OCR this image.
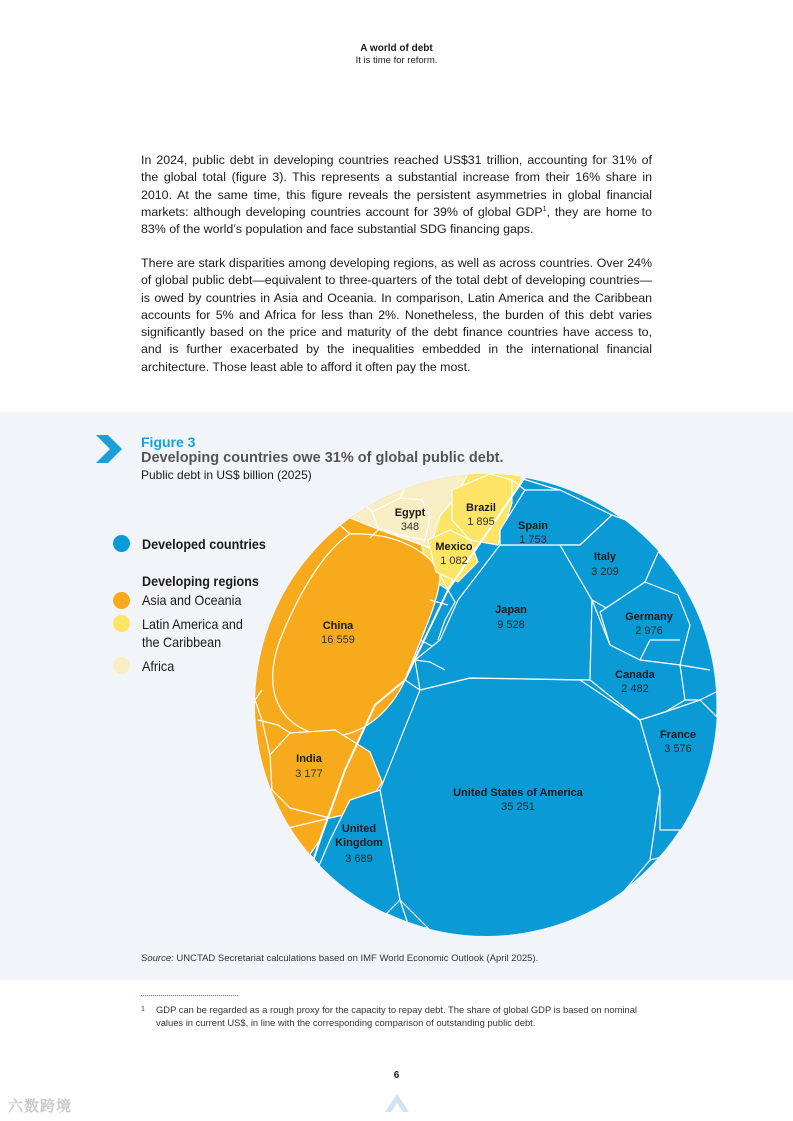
A world of debt
It is time for reform.

In 2024, public debt in developing countries reached US$31 trillion, accounting for 31% of the global total (figure 3). This represents a substantial increase from their 16% share in 2010. At the same time, this figure reveals the persistent asymmetries in global financial markets: although developing countries account for 39% of global GDP$^1$, they are home to 83% of the world’s population and face substantial SDG financing gaps.

There are stark disparities among developing regions, as well as across countries. Over 24% of global public debt—equivalent to three-quarters of the total debt of developing countries—is owed by countries in Asia and Oceania. In comparison, Latin America and the Caribbean accounts for 5% and Africa for less than 2%. Nonetheless, the burden of this debt varies significantly based on the price and maturity of the debt finance countries have access to, and is further exacerbated by the inequalities embedded in the international financial architecture. Those least able to afford it often pay the most.

Figure 3
Developing countries owe 31% of global public debt.
Public debt in US$ billion (2025)
Developed countries
Developing regions
Asia and Oceania
Latin America and
the Caribbean
Africa
China
16 559
India
3 177
Brazil
1 895
Mexico
1 082
Egypt
348
United States of America
35 251
Japan
9 528
Spain
1 753
Italy
3 209
Germany
2 976
Canada
2 482
France
3 576
United
Kingdom
3 689
Source: UNCTAD Secretariat calculations based on IMF World Economic Outlook (April 2025).
1	GDP can be regarded as a rough proxy for the capacity to repay debt. The share of global GDP is based on nominal values in current US$, in line with the corresponding comparison of outstanding public debt.
6
六数跨境
